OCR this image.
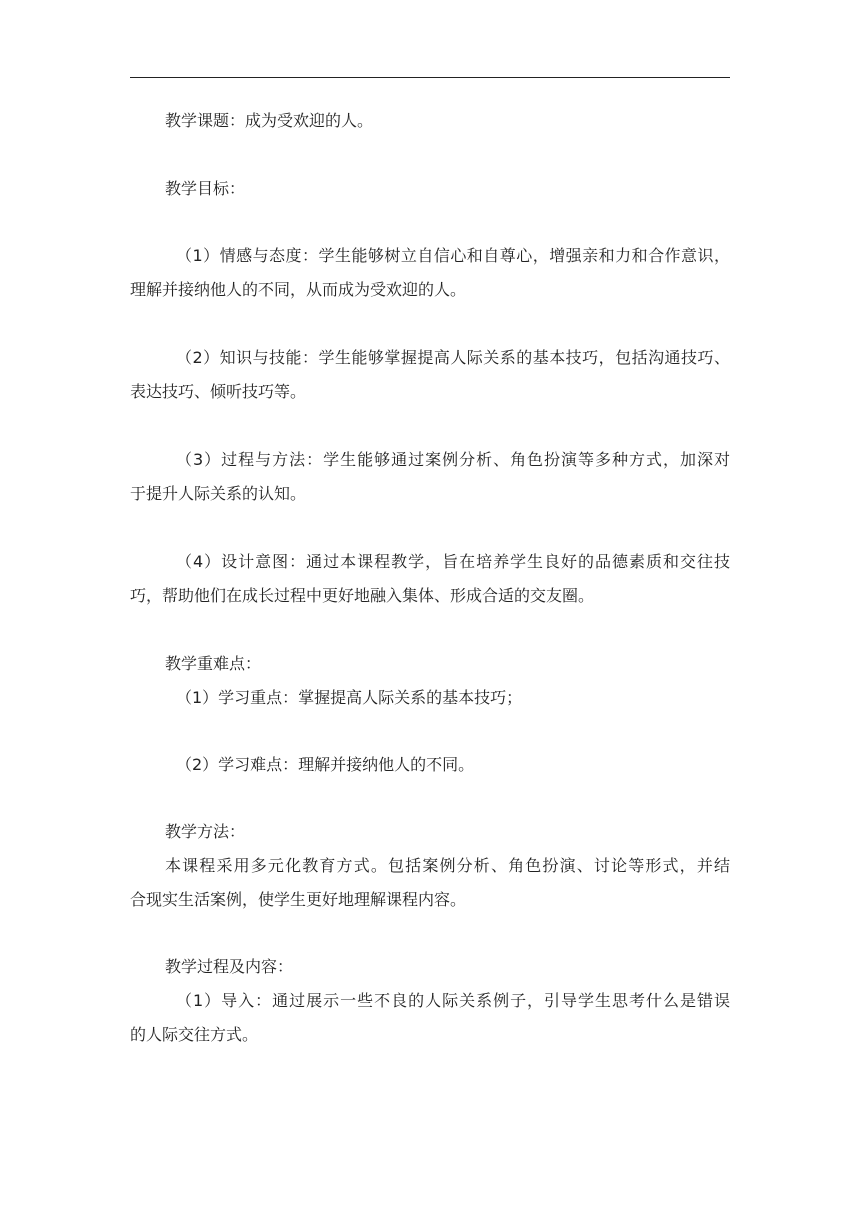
教学课题：成为受欢迎的人。
教学目标：
（1）情感与态度：学生能够树立自信心和自尊心，增强亲和力和合作意识，
理解并接纳他人的不同，从而成为受欢迎的人。
（2）知识与技能：学生能够掌握提高人际关系的基本技巧，包括沟通技巧、
表达技巧、倾听技巧等。
（3）过程与方法：学生能够通过案例分析、角色扮演等多种方式，加深对
于提升人际关系的认知。
（4）设计意图：通过本课程教学，旨在培养学生良好的品德素质和交往技
巧，帮助他们在成长过程中更好地融入集体、形成合适的交友圈。
教学重难点：
（1）学习重点：掌握提高人际关系的基本技巧；
（2）学习难点：理解并接纳他人的不同。
教学方法：
本课程采用多元化教育方式。包括案例分析、角色扮演、讨论等形式，并结
合现实生活案例，使学生更好地理解课程内容。
教学过程及内容：
（1）导入：通过展示一些不良的人际关系例子，引导学生思考什么是错误
的人际交往方式。
